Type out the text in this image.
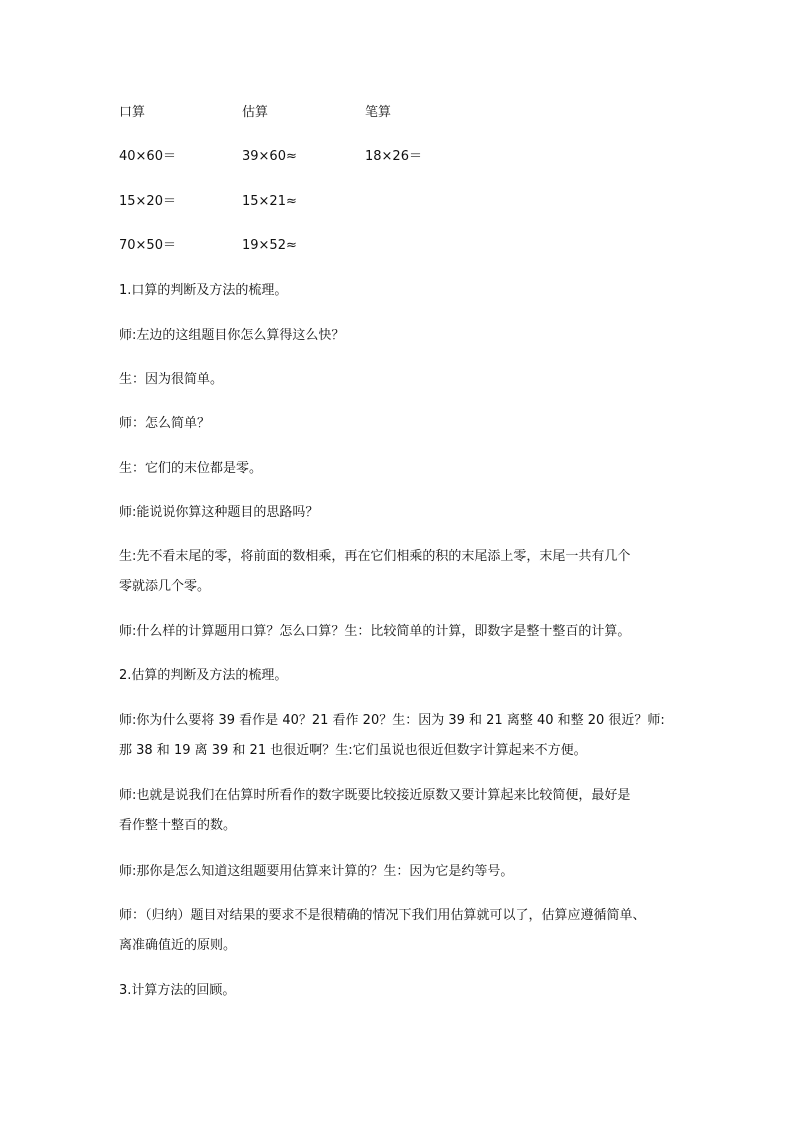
口算	估算	笔算
40×60＝	39×60≈	18×26＝
15×20＝	15×21≈
70×50＝	19×52≈
1.口算的判断及方法的梳理。
师:左边的这组题目你怎么算得这么快？
生：因为很简单。
师：怎么简单？
生：它们的末位都是零。
师:能说说你算这种题目的思路吗？
生:先不看末尾的零，将前面的数相乘，再在它们相乘的积的末尾添上零，末尾一共有几个
零就添几个零。
师:什么样的计算题用口算？怎么口算？生：比较简单的计算，即数字是整十整百的计算。
2.估算的判断及方法的梳理。
师:你为什么要将 39 看作是 40？21 看作 20？生：因为 39 和 21 离整 40 和整 20 很近？师:
那 38 和 19 离 39 和 21 也很近啊？生:它们虽说也很近但数字计算起来不方便。
师:也就是说我们在估算时所看作的数字既要比较接近原数又要计算起来比较简便，最好是
看作整十整百的数。
师:那你是怎么知道这组题要用估算来计算的？生：因为它是约等号。
师：（归纳）题目对结果的要求不是很精确的情况下我们用估算就可以了，估算应遵循简单、
离准确值近的原则。
3.计算方法的回顾。
